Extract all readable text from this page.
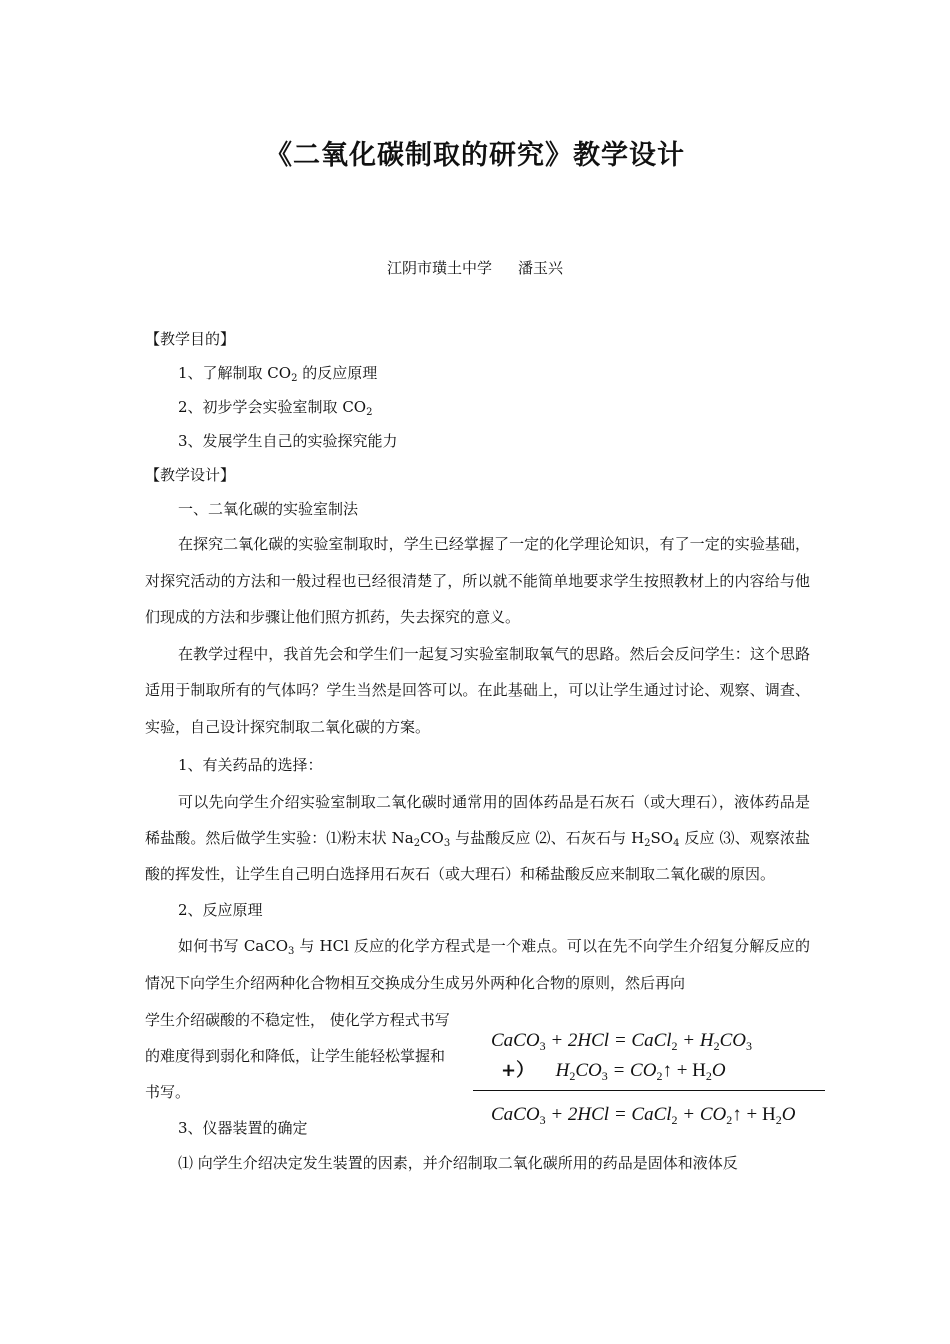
《二氧化碳制取的研究》教学设计
江阴市璜土中学 潘玉兴
【教学目的】
1、了解制取 $CO_2$ 的反应原理
2、初步学会实验室制取 $CO_2$
3、发展学生自己的实验探究能力
【教学设计】
一、二氧化碳的实验室制法

在探究二氧化碳的实验室制取时，学生已经掌握了一定的化学理论知识，有了一定的实验基础，对探究活动的方法和一般过程也已经很清楚了，所以就不能简单地要求学生按照教材上的内容给与他们现成的方法和步骤让他们照方抓药，失去探究的意义。

在教学过程中，我首先会和学生们一起复习实验室制取氧气的思路。然后会反问学生：这个思路适用于制取所有的气体吗？学生当然是回答可以。在此基础上，可以让学生通过讨论、观察、调查、实验，自己设计探究制取二氧化碳的方案。

1、有关药品的选择：

可以先向学生介绍实验室制取二氧化碳时通常用的固体药品是石灰石（或大理石），液体药品是稀盐酸。然后做学生实验：⑴粉末状 $Na_2CO_3$ 与盐酸反应 ⑵、石灰石与 $H_2SO_4$ 反应 ⑶、观察浓盐酸的挥发性，让学生自己明白选择用石灰石（或大理石）和稀盐酸反应来制取二氧化碳的原因。

2、反应原理

如何书写 CaCO$_3$ 与 HCl 反应的化学方程式是一个难点。可以在先不向学生介绍复分解反应的情况下向学生介绍两种化合物相互交换成分生成另外两种化合物的原则，然后再向

学生介绍碳酸的不稳定性， 使化学方程式书写的难度得到弱化和降低，让学生能轻松掌握和书写。
3、仪器装置的确定
⑴ 向学生介绍决定发生装置的因素，并介绍制取二氧化碳所用的药品是固体和液体反
CaCO$_3$ + 2HCl = CaCl$_2$ + $H_2CO_3$
+） $H_2CO_3$ = $CO_2↑ + H_2O$
CaCO$_3$ + 2HCl = CaCl$_2$ + $CO_2↑ + H_2O$
